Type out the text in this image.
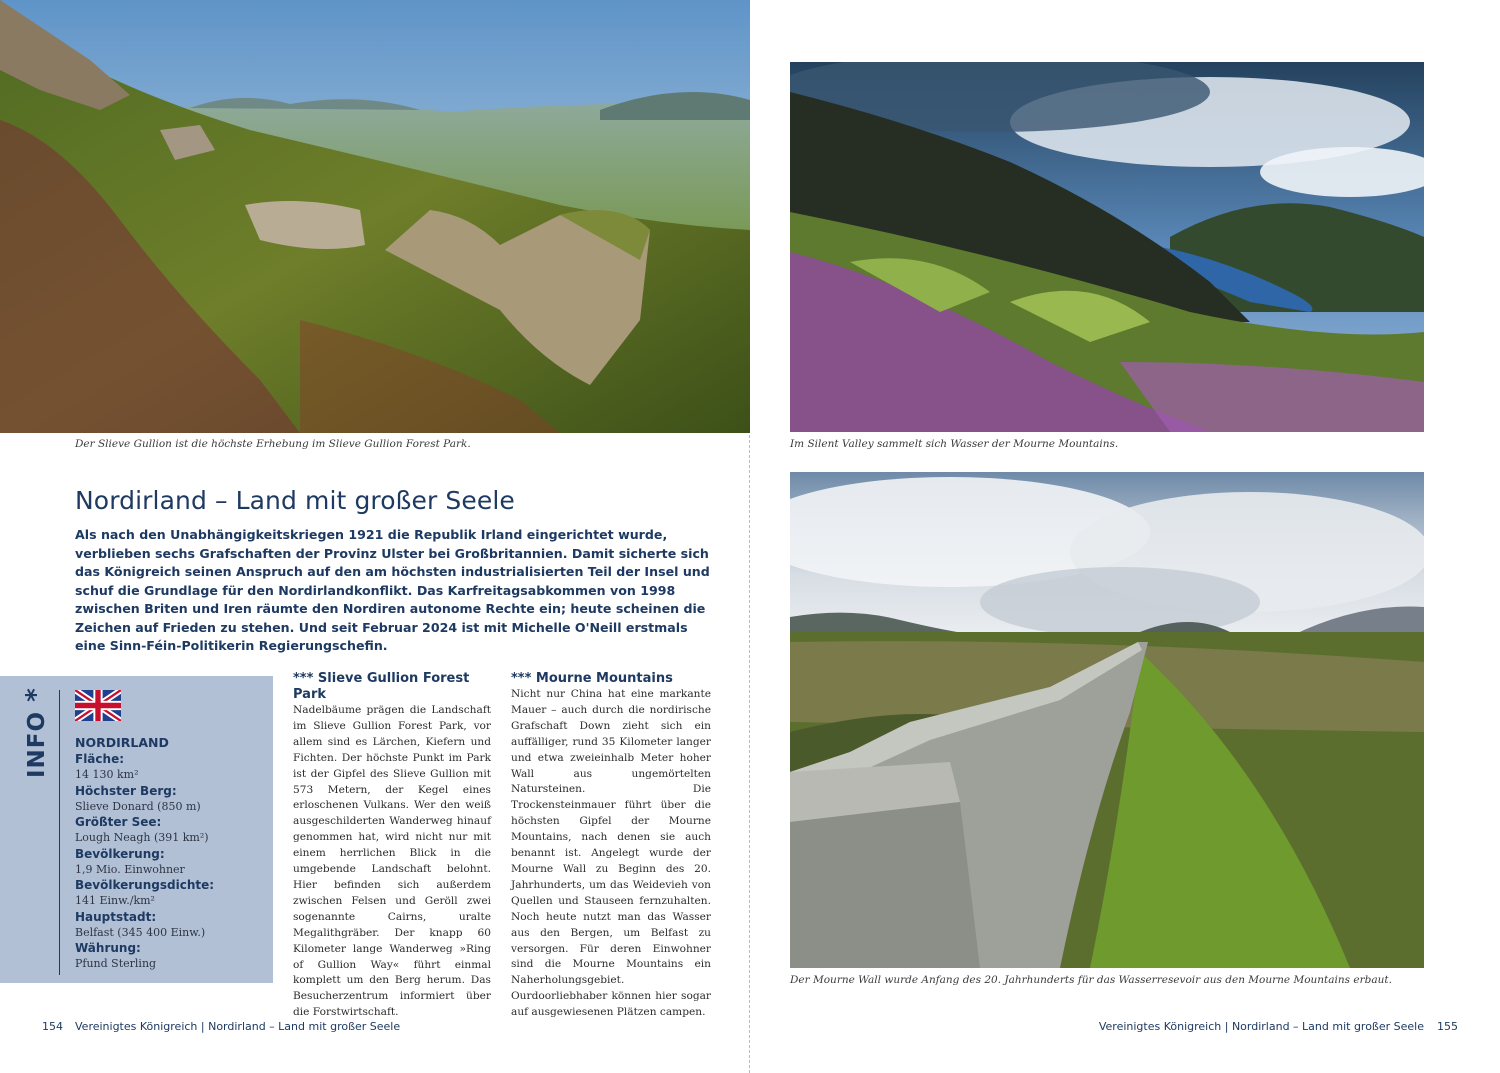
Der Slieve Gullion ist die höchste Erhebung im Slieve Gullion Forest Park.	Im Silent Valley sammelt sich Wasser der Mourne Mountains.
Der Mourne Wall wurde Anfang des 20. Jahrhunderts für das Wasserresevoir aus den Mourne Mountains erbaut.
Nordirland – Land mit großer Seele

Als nach den Unabhängigkeitskriegen 1921 die Republik Irland eingerichtet wurde, verblieben sechs Grafschaften der Provinz Ulster bei Großbritannien. Damit sicherte sich das Königreich seinen Anspruch auf den am höchsten industrialisierten Teil der Insel und schuf die Grundlage für den Nordirlandkonflikt. Das Karfreitagsabkommen von 1998 zwischen Briten und Iren räumte den Nordiren autonome Rechte ein; heute scheinen die Zeichen auf Frieden zu stehen. Und seit Februar 2024 ist mit Michelle O'Neill erstmals eine Sinn-Féin-Politikerin Regierungschefin.

INFO *
NORDIRLAND
Fläche:
14 130 km²
Höchster Berg:
Slieve Donard (850 m)
Größter See:
Lough Neagh (391 km²)
Bevölkerung:
1,9 Mio. Einwohner
Bevölkerungsdichte:
141 Einw./km²
Hauptstadt:
Belfast (345 400 Einw.)
Währung:
Pfund Sterling
*** Slieve Gullion Forest Park

Nadelbäume prägen die Landschaft im Slieve Gullion Forest Park, vor allem sind es Lärchen, Kiefern und Fichten. Der höchste Punkt im Park ist der Gipfel des Slieve Gullion mit 573 Metern, der Kegel eines erloschenen Vulkans. Wer den weiß ausgeschilderten Wanderweg hinauf genommen hat, wird nicht nur mit einem herrlichen Blick in die umgebende Landschaft belohnt. Hier befinden sich außerdem zwischen Felsen und Geröll zwei sogenannte Cairns, uralte Megalithgräber. Der knapp 60 Kilometer lange Wanderweg »Ring of Gullion Way« führt einmal komplett um den Berg herum. Das Besucherzentrum informiert über die Forstwirtschaft.

*** Mourne Mountains

Nicht nur China hat eine markante Mauer – auch durch die nordirische Grafschaft Down zieht sich ein auffälliger, rund 35 Kilometer langer und etwa zweieinhalb Meter hoher Wall aus ungemörtelten Natursteinen. Die Trockensteinmauer führt über die höchsten Gipfel der Mourne Mountains, nach denen sie auch benannt ist. Angelegt wurde der Mourne Wall zu Beginn des 20. Jahrhunderts, um das Weidevieh von Quellen und Stauseen fernzuhalten. Noch heute nutzt man das Wasser aus den Bergen, um Belfast zu versorgen. Für deren Einwohner sind die Mourne Mountains ein Naherholungsgebiet. Ourdoorliebhaber können hier sogar auf ausgewiesenen Plätzen campen.

154 Vereinigtes Königreich | Nordirland – Land mit großer Seele	Vereinigtes Königreich | Nordirland – Land mit großer Seele 155
